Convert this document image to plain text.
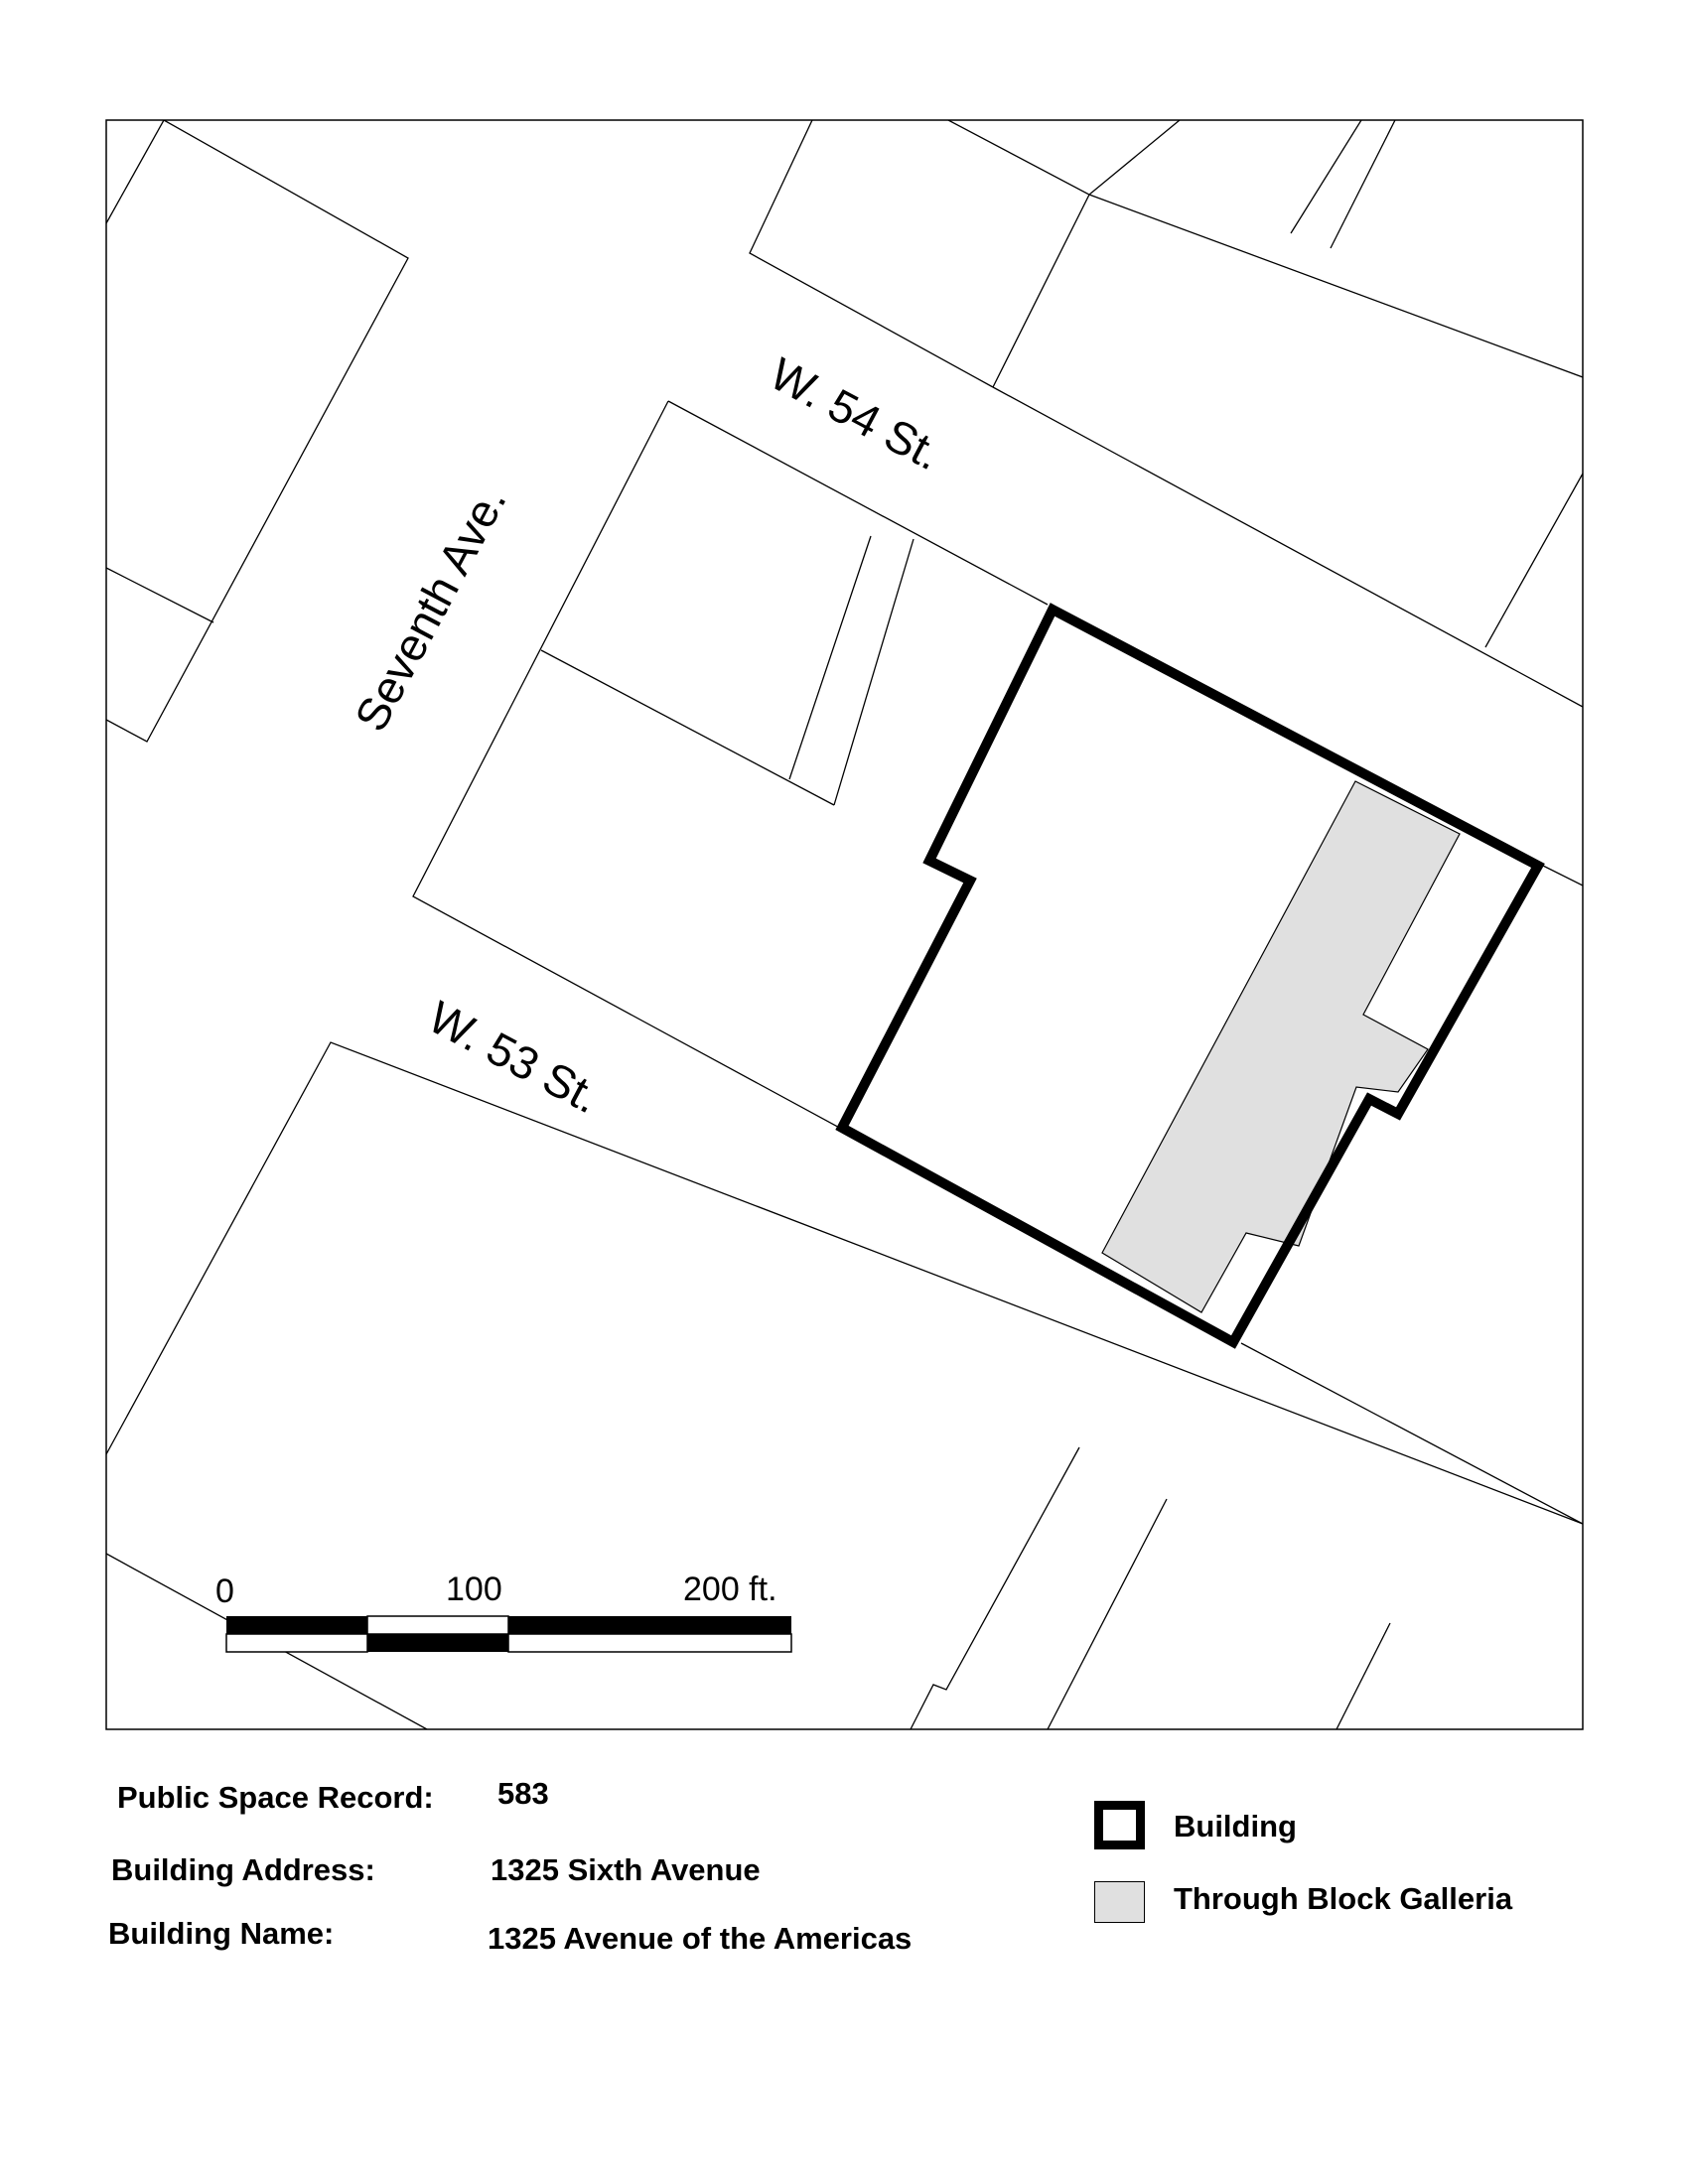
W. 54 St.
W. 53 St.
Seventh Ave.
0	100	200 ft.
Public Space Record: 583
Building Address:	1325 Sixth Avenue
Building Name:	1325 Avenue of the Americas
Building
Through Block Galleria
